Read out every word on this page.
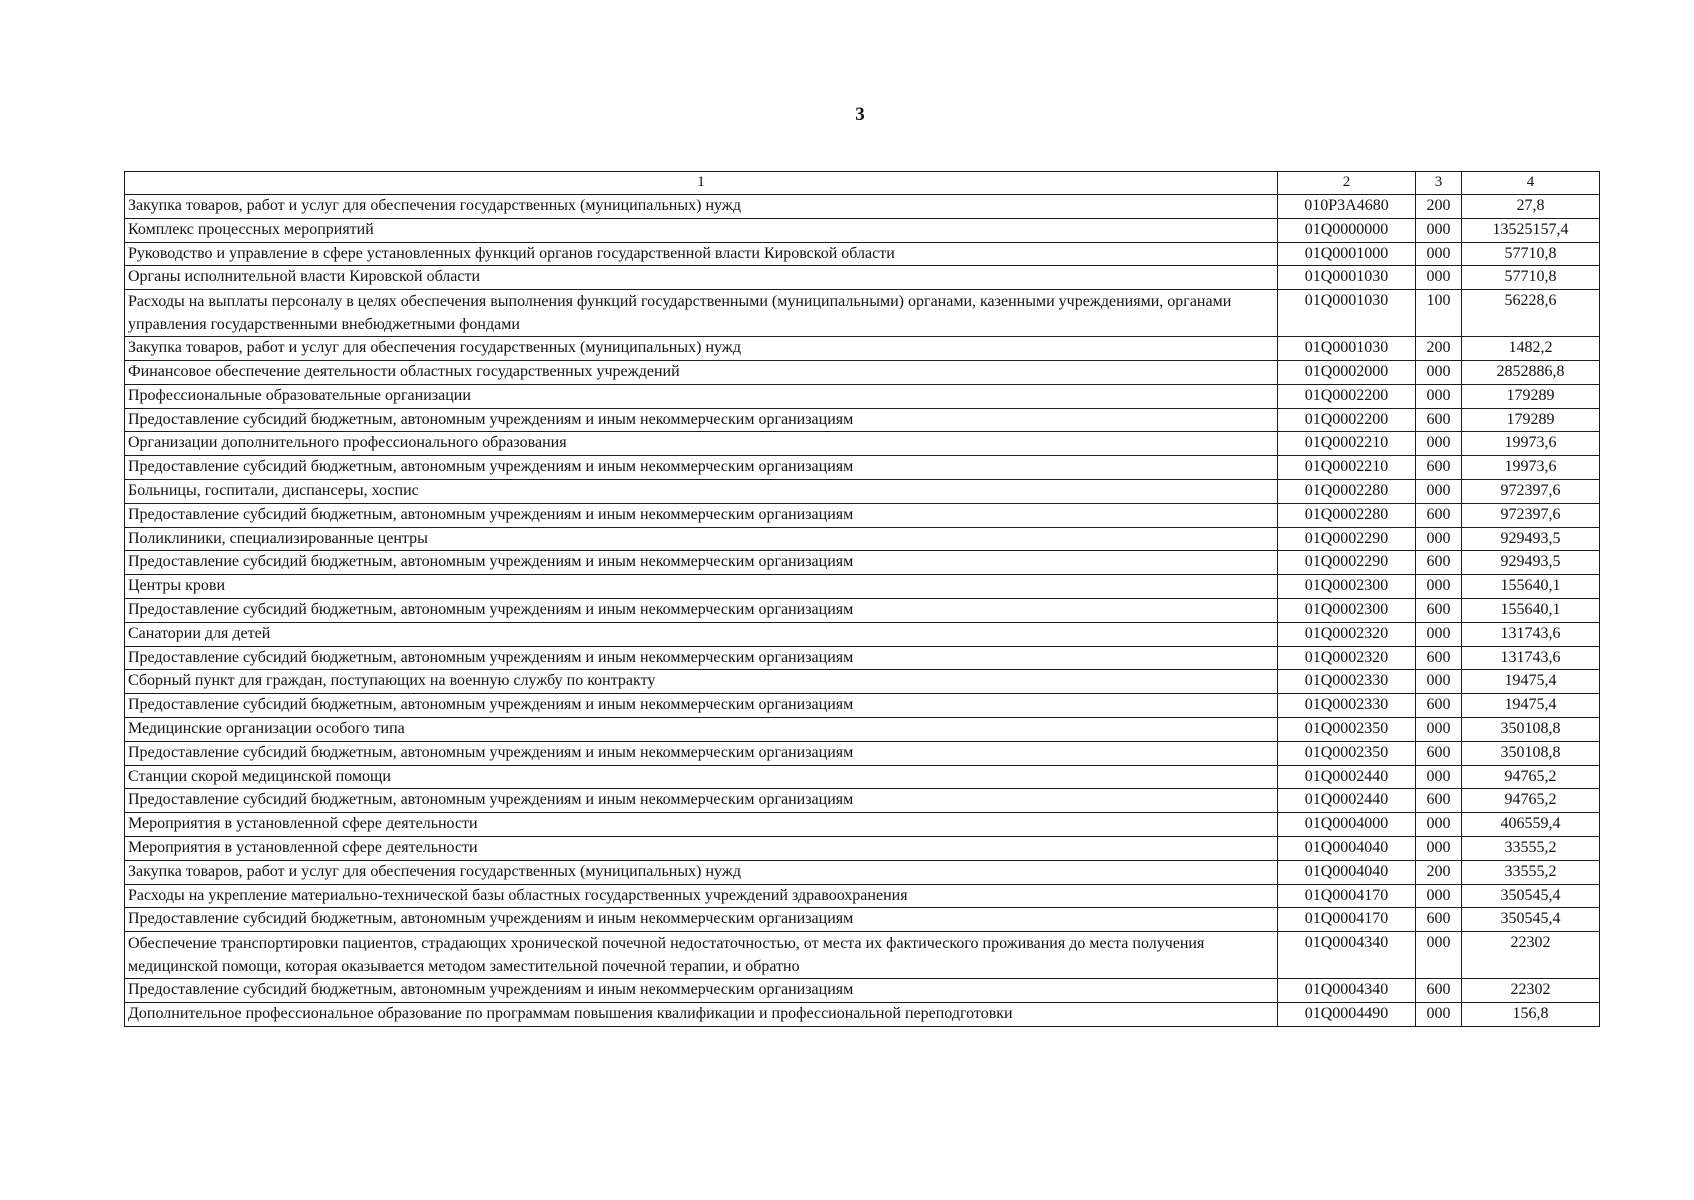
3
1	2	3	4
Закупка товаров, работ и услуг для обеспечения государственных (муниципальных) нужд	010P3A4680	200	27,8
Комплекс процессных мероприятий	01Q0000000	000	13525157,4
Руководство и управление в сфере установленных функций органов государственной власти Кировской области	01Q0001000	000	57710,8
Органы исполнительной власти Кировской области	01Q0001030	000	57710,8
Расходы на выплаты персоналу в целях обеспечения выполнения функций государственными (муниципальными) органами, казенными учреждениями, органами управления государственными внебюджетными фондами	01Q0001030	100	56228,6
Закупка товаров, работ и услуг для обеспечения государственных (муниципальных) нужд	01Q0001030	200	1482,2
Финансовое обеспечение деятельности областных государственных учреждений	01Q0002000	000	2852886,8
Профессиональные образовательные организации	01Q0002200	000	179289
Предоставление субсидий бюджетным, автономным учреждениям и иным некоммерческим организациям	01Q0002200	600	179289
Организации дополнительного профессионального образования	01Q0002210	000	19973,6
Предоставление субсидий бюджетным, автономным учреждениям и иным некоммерческим организациям	01Q0002210	600	19973,6
Больницы, госпитали, диспансеры, хоспис	01Q0002280	000	972397,6
Предоставление субсидий бюджетным, автономным учреждениям и иным некоммерческим организациям	01Q0002280	600	972397,6
Поликлиники, специализированные центры	01Q0002290	000	929493,5
Предоставление субсидий бюджетным, автономным учреждениям и иным некоммерческим организациям	01Q0002290	600	929493,5
Центры крови	01Q0002300	000	155640,1
Предоставление субсидий бюджетным, автономным учреждениям и иным некоммерческим организациям	01Q0002300	600	155640,1
Санатории для детей	01Q0002320	000	131743,6
Предоставление субсидий бюджетным, автономным учреждениям и иным некоммерческим организациям	01Q0002320	600	131743,6
Сборный пункт для граждан, поступающих на военную службу по контракту	01Q0002330	000	19475,4
Предоставление субсидий бюджетным, автономным учреждениям и иным некоммерческим организациям	01Q0002330	600	19475,4
Медицинские организации особого типа	01Q0002350	000	350108,8
Предоставление субсидий бюджетным, автономным учреждениям и иным некоммерческим организациям	01Q0002350	600	350108,8
Станции скорой медицинской помощи	01Q0002440	000	94765,2
Предоставление субсидий бюджетным, автономным учреждениям и иным некоммерческим организациям	01Q0002440	600	94765,2
Мероприятия в установленной сфере деятельности	01Q0004000	000	406559,4
Мероприятия в установленной сфере деятельности	01Q0004040	000	33555,2
Закупка товаров, работ и услуг для обеспечения государственных (муниципальных) нужд	01Q0004040	200	33555,2
Расходы на укрепление материально-технической базы областных государственных учреждений здравоохранения	01Q0004170	000	350545,4
Предоставление субсидий бюджетным, автономным учреждениям и иным некоммерческим организациям	01Q0004170	600	350545,4
Обеспечение транспортировки пациентов, страдающих хронической почечной недостаточностью, от места их фактического проживания до места получения медицинской помощи, которая оказывается методом заместительной почечной терапии, и обратно	01Q0004340	000	22302
Предоставление субсидий бюджетным, автономным учреждениям и иным некоммерческим организациям	01Q0004340	600	22302
Дополнительное профессиональное образование по программам повышения квалификации и профессиональной переподготовки	01Q0004490	000	156,8
